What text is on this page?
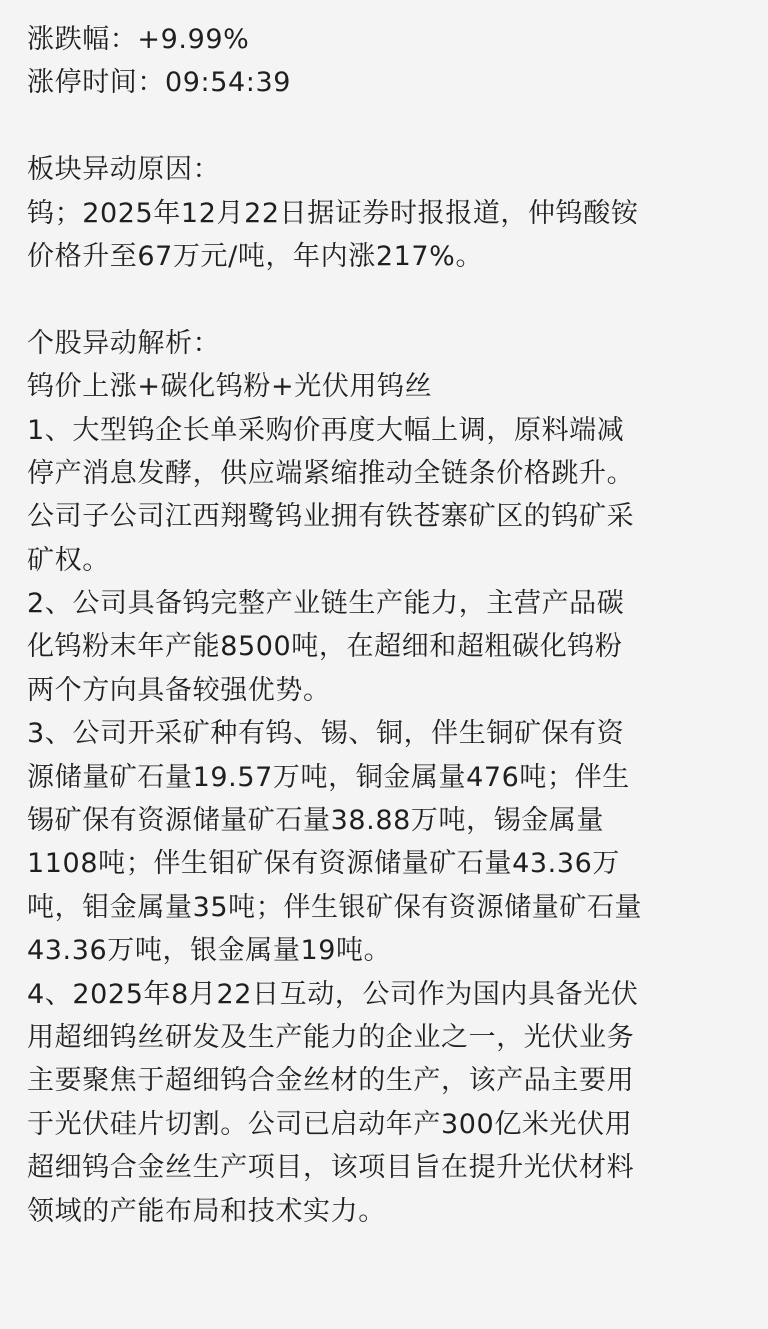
涨跌幅：+9.99%
涨停时间：09:54:39
板块异动原因：
钨；2025年12月22日据证券时报报道，仲钨酸铵
价格升至67万元/吨，年内涨217%。
个股异动解析：
钨价上涨+碳化钨粉+光伏用钨丝
1、大型钨企长单采购价再度大幅上调，原料端减
停产消息发酵，供应端紧缩推动全链条价格跳升。
公司子公司江西翔鹭钨业拥有铁苍寨矿区的钨矿采
矿权。
2、公司具备钨完整产业链生产能力，主营产品碳
化钨粉末年产能8500吨，在超细和超粗碳化钨粉
两个方向具备较强优势。
3、公司开采矿种有钨、锡、铜，伴生铜矿保有资
源储量矿石量19.57万吨，铜金属量476吨；伴生
锡矿保有资源储量矿石量38.88万吨，锡金属量
1108吨；伴生钼矿保有资源储量矿石量43.36万
吨，钼金属量35吨；伴生银矿保有资源储量矿石量
43.36万吨，银金属量19吨。
4、2025年8月22日互动，公司作为国内具备光伏
用超细钨丝研发及生产能力的企业之一，光伏业务
主要聚焦于超细钨合金丝材的生产，该产品主要用
于光伏硅片切割。公司已启动年产300亿米光伏用
超细钨合金丝生产项目，该项目旨在提升光伏材料
领域的产能布局和技术实力。
